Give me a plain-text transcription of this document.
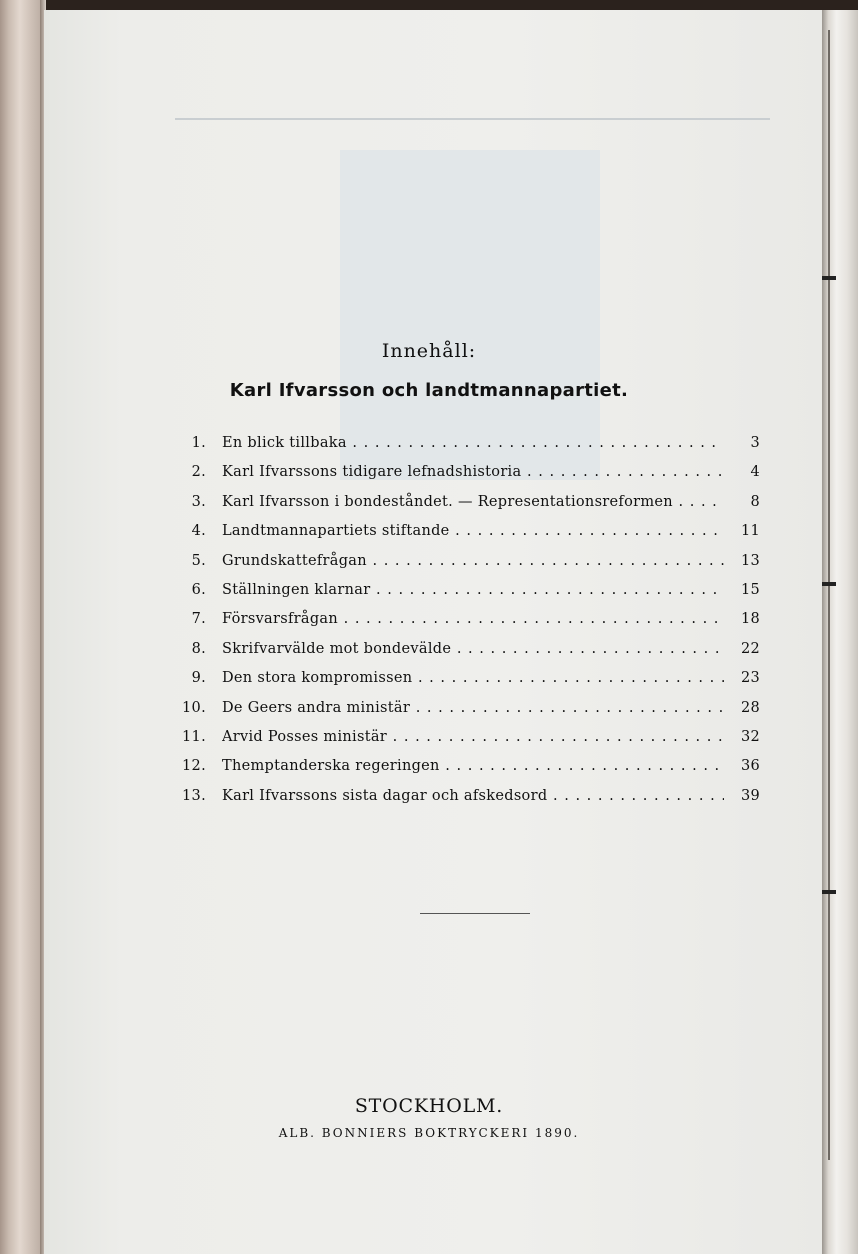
Innehåll:
Karl Ifvarsson och landtmannapartiet.
1. En blick tillbaka . . .	3
2. Karl Ifvarssons tidigare lefnadshistoria . . .	4
3. Karl Ifvarsson i bondeståndet. — Representationsreformen . . .	8
4. Landtmannapartiets stiftande . . .	11
5. Grundskattefrågan . . .	13
6. Ställningen klarnar . . .	15
7. Försvarsfrågan . . .	18
8. Skrifvarvälde mot bondevälde . . .	22
9. Den stora kompromissen . . .	23
10. De Geers andra ministär . . .	28
11. Arvid Posses ministär . . .	32
12. Themptanderska regeringen . . .	36
13. Karl Ifvarssons sista dagar och afskedsord . . .	39
STOCKHOLM.
ALB. BONNIERS BOKTRYCKERI 1890.
